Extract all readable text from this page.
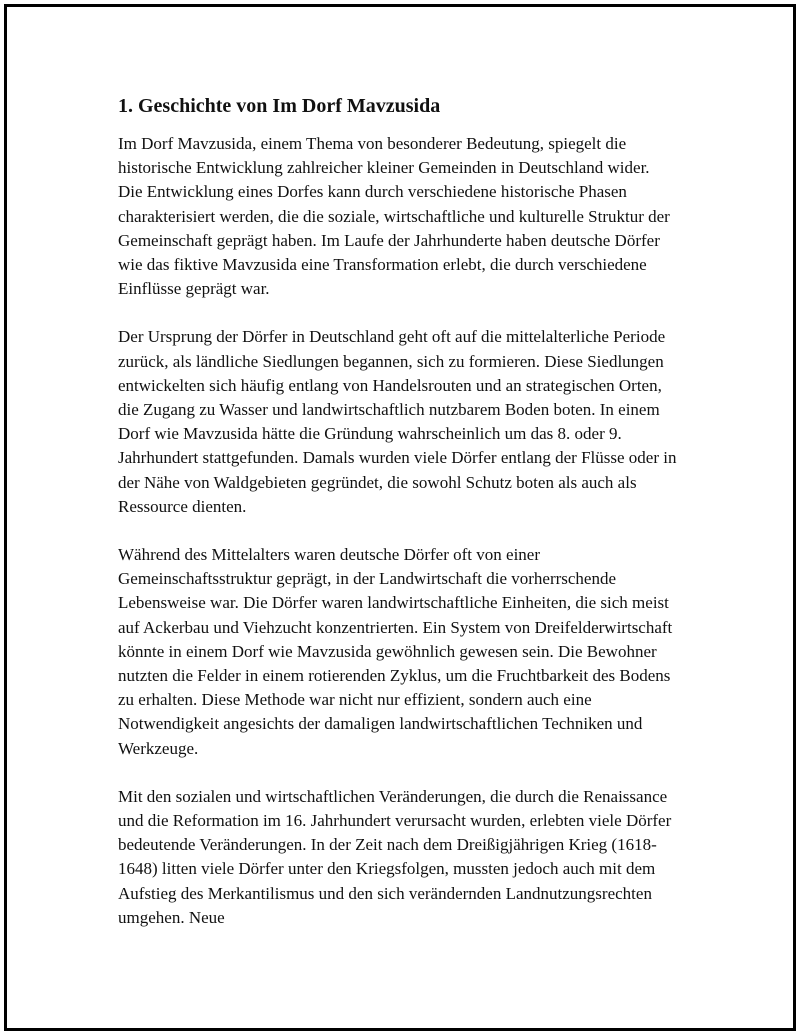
1. Geschichte von Im Dorf Mavzusida

Im Dorf Mavzusida, einem Thema von besonderer Bedeutung, spiegelt die historische Entwicklung zahlreicher kleiner Gemeinden in Deutschland wider. Die Entwicklung eines Dorfes kann durch verschiedene historische Phasen charakterisiert werden, die die soziale, wirtschaftliche und kulturelle Struktur der Gemeinschaft geprägt haben. Im Laufe der Jahrhunderte haben deutsche Dörfer wie das fiktive Mavzusida eine Transformation erlebt, die durch verschiedene Einflüsse geprägt war.

Der Ursprung der Dörfer in Deutschland geht oft auf die mittelalterliche Periode zurück, als ländliche Siedlungen begannen, sich zu formieren. Diese Siedlungen entwickelten sich häufig entlang von Handelsrouten und an strategischen Orten, die Zugang zu Wasser und landwirtschaftlich nutzbarem Boden boten. In einem Dorf wie Mavzusida hätte die Gründung wahrscheinlich um das 8. oder 9. Jahrhundert stattgefunden. Damals wurden viele Dörfer entlang der Flüsse oder in der Nähe von Waldgebieten gegründet, die sowohl Schutz boten als auch als Ressource dienten.

Während des Mittelalters waren deutsche Dörfer oft von einer Gemeinschaftsstruktur geprägt, in der Landwirtschaft die vorherrschende Lebensweise war. Die Dörfer waren landwirtschaftliche Einheiten, die sich meist auf Ackerbau und Viehzucht konzentrierten. Ein System von Dreifelderwirtschaft könnte in einem Dorf wie Mavzusida gewöhnlich gewesen sein. Die Bewohner nutzten die Felder in einem rotierenden Zyklus, um die Fruchtbarkeit des Bodens zu erhalten. Diese Methode war nicht nur effizient, sondern auch eine Notwendigkeit angesichts der damaligen landwirtschaftlichen Techniken und Werkzeuge.

Mit den sozialen und wirtschaftlichen Veränderungen, die durch die Renaissance und die Reformation im 16. Jahrhundert verursacht wurden, erlebten viele Dörfer bedeutende Veränderungen. In der Zeit nach dem Dreißigjährigen Krieg (1618-1648) litten viele Dörfer unter den Kriegsfolgen, mussten jedoch auch mit dem Aufstieg des Merkantilismus und den sich verändernden Landnutzungsrechten umgehen. Neue
